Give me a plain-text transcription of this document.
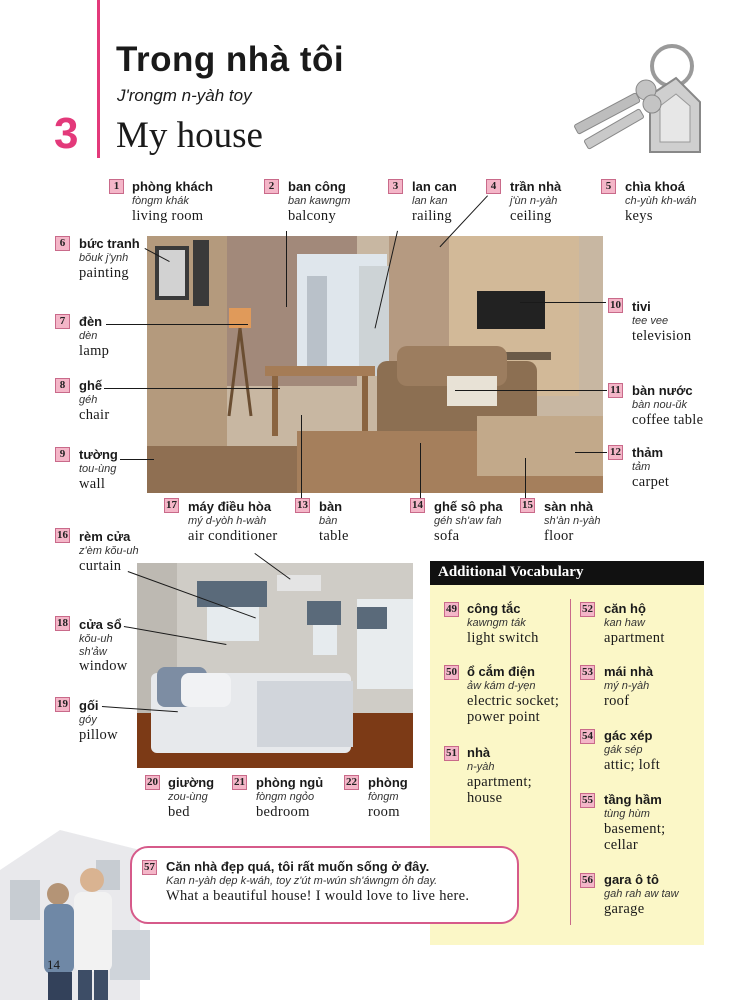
3
Trong nhà tôi
J'rongm n-yàh toy
My house
14
1 phòng khách
fòngm khák
living room
2	ban công
ban kawngm
balcony
3	lan can
lan kan
railing
4	trần nhà
j'ùn n-yàh
ceiling
5	chìa khoá
ch-yùh kh-wáh
keys
6	bức tranh
bŏuk j'ynh
painting
7	đèn
dèn
lamp
8	ghế
géh
chair
9	tường
tou-ùng
wall
10 tivi
tee vee
television
11 bàn nước
bàn nou-ŭk
coffee table
12 thảm
tảm
carpet
17 máy điều hòa
mý d-yòh h-wàh
air conditioner
13 bàn
bàn
table
14 ghế sô pha
géh sh'aw fah
sofa
15 sàn nhà
sh'àn n-yàh
floor
16 rèm cửa
z'èm kŏu-uh
curtain
18 cửa sổ
kŏu-uh
sh'ảw
window
19 gối
góy
pillow
20 giường
zou-ùng
bed
21 phòng ngủ
fòngm ngỏo
bedroom
22 phòng
fòngm
room
Additional Vocabulary
49 công tắc
kawngm ták
light switch
50 ổ cắm điện
ảw kám d-yẹn
electric socket;
power point
51 nhà
n-yàh
apartment;
house
52 căn hộ
kan haw
apartment
53 mái nhà
mý n-yàh
roof
54 gác xép
gák sép
attic; loft
55 tầng hầm
tùng hùm
basement;
cellar
56 gara ô tô
gah rah aw taw
garage
57 Căn nhà đẹp quá, tôi rất muốn sống ở đây.
Kan n-yàh dẹp k-wáh, toy z'út m-wún sh'áwngm ỏh day.
What a beautiful house! I would love to live here.
